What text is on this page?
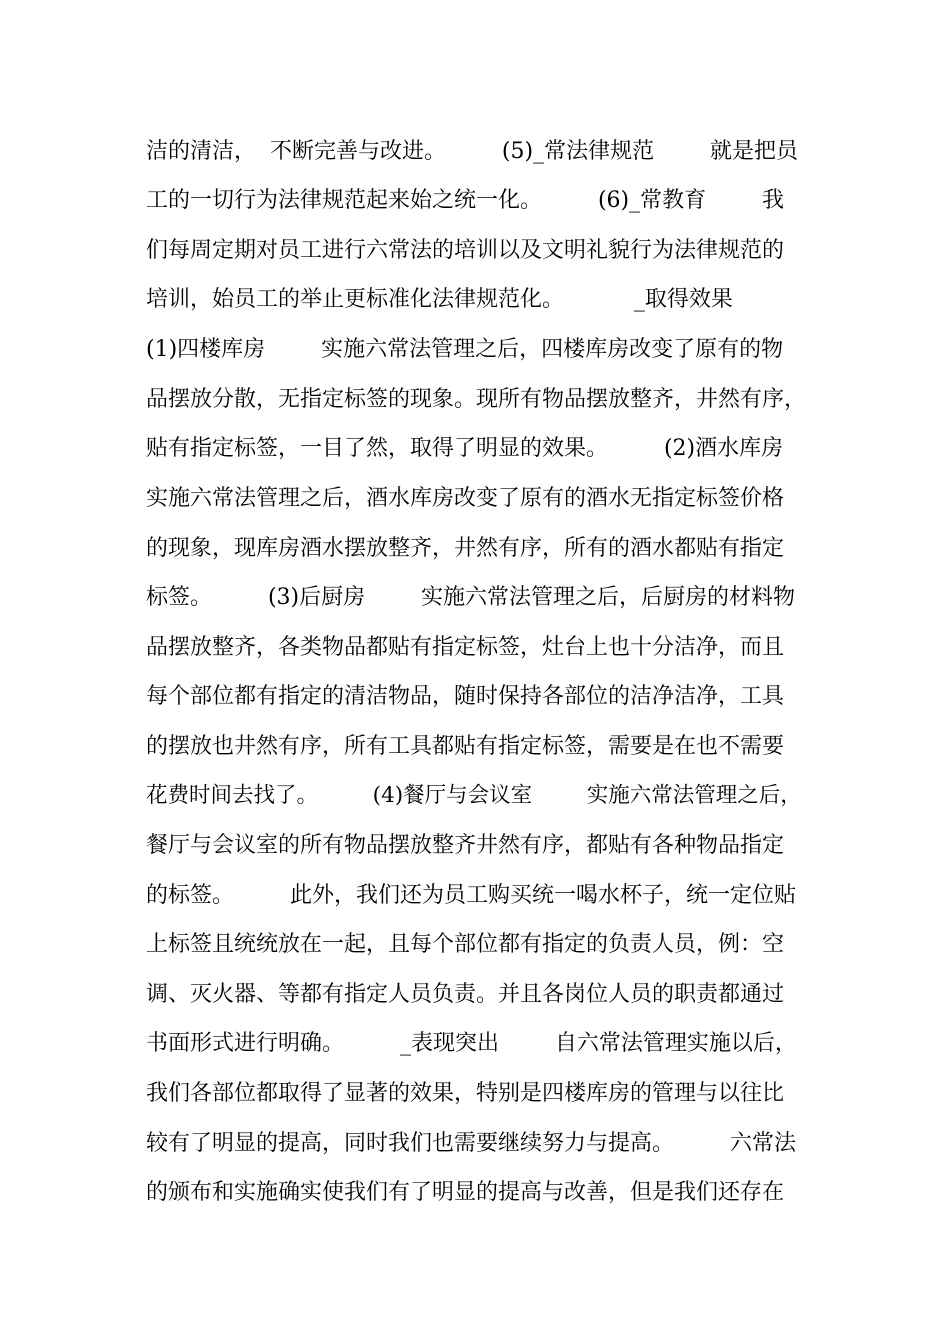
洁的清洁，  不断完善与改进。        (5)_常法律规范        就是把员
工的一切行为法律规范起来始之统一化。        (6)_常教育        我
们每周定期对员工进行六常法的培训以及文明礼貌行为法律规范的
培训，始员工的举止更标准化法律规范化。          _取得效果
(1)四楼库房        实施六常法管理之后，四楼库房改变了原有的物
品摆放分散，无指定标签的现象。现所有物品摆放整齐，井然有序，
贴有指定标签，一目了然，取得了明显的效果。        (2)酒水库房
实施六常法管理之后，酒水库房改变了原有的酒水无指定标签价格
的现象，现库房酒水摆放整齐，井然有序，所有的酒水都贴有指定
标签。        (3)后厨房        实施六常法管理之后，后厨房的材料物
品摆放整齐，各类物品都贴有指定标签，灶台上也十分洁净，而且
每个部位都有指定的清洁物品，随时保持各部位的洁净洁净，工具
的摆放也井然有序，所有工具都贴有指定标签，需要是在也不需要
花费时间去找了。        (4)餐厅与会议室        实施六常法管理之后，
餐厅与会议室的所有物品摆放整齐井然有序，都贴有各种物品指定
的标签。        此外，我们还为员工购买统一喝水杯子，统一定位贴
上标签且统统放在一起，且每个部位都有指定的负责人员，例：空
调、灭火器、等都有指定人员负责。并且各岗位人员的职责都通过
书面形式进行明确。        _表现突出        自六常法管理实施以后，
我们各部位都取得了显著的效果，特别是四楼库房的管理与以往比
较有了明显的提高，同时我们也需要继续努力与提高。        六常法
的颁布和实施确实使我们有了明显的提高与改善，但是我们还存在
